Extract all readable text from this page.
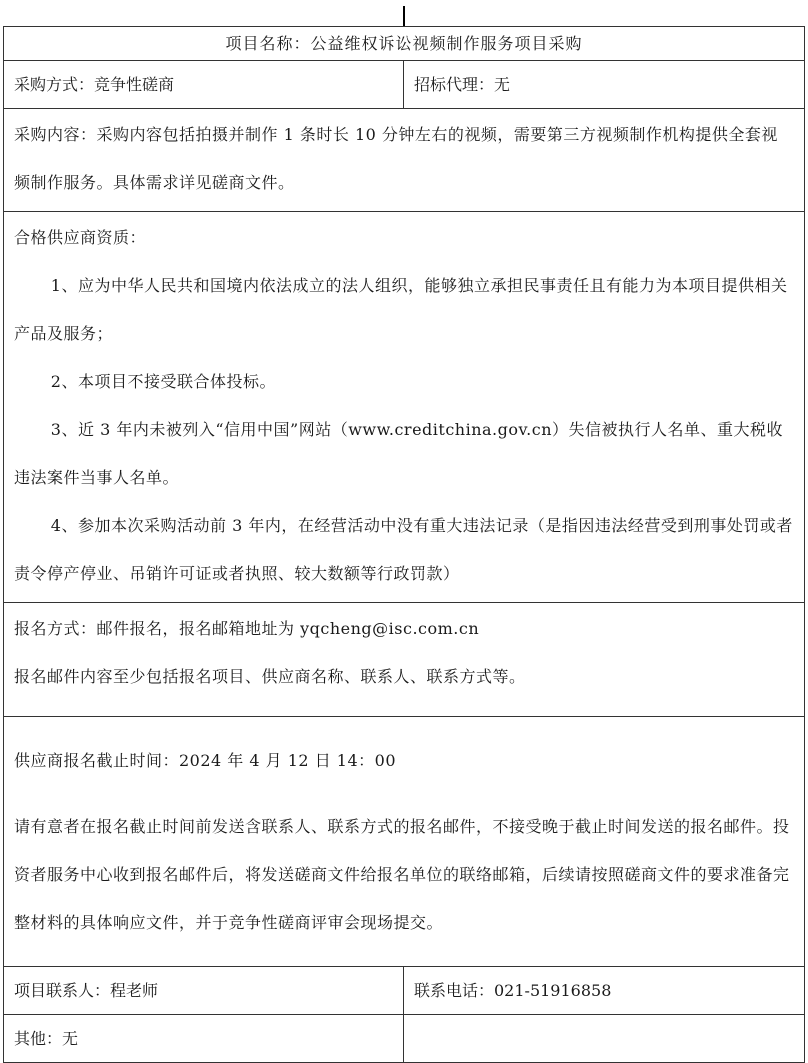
项目名称：公益维权诉讼视频制作服务项目采购	
采购方式：竞争性磋商	招标代理：无

采购内容：采购内容包括拍摄并制作 1 条时长 10 分钟左右的视频，需要第三方视频制作机构提供全套视频制作服务。具体需求详见磋商文件。	

合格供应商资质：

1、应为中华人民共和国境内依法成立的法人组织，能够独立承担民事责任且有能力为本项目提供相关产品及服务；

2、本项目不接受联合体投标。

3、近 3 年内未被列入“信用中国”网站（www.creditchina.gov.cn）失信被执行人名单、重大税收违法案件当事人名单。

4、参加本次采购活动前 3 年内，在经营活动中没有重大违法记录（是指因违法经营受到刑事处罚或者责令停产停业、吊销许可证或者执照、较大数额等行政罚款）	

报名方式：邮件报名，报名邮箱地址为 yqcheng@isc.com.cn

报名邮件内容至少包括报名项目、供应商名称、联系人、联系方式等。	

供应商报名截止时间：2024 年 4 月 12 日 14：00

请有意者在报名截止时间前发送含联系人、联系方式的报名邮件，不接受晚于截止时间发送的报名邮件。投资者服务中心收到报名邮件后，将发送磋商文件给报名单位的联络邮箱，后续请按照磋商文件的要求准备完整材料的具体响应文件，并于竞争性磋商评审会现场提交。	

项目联系人：程老师	联系电话：021-51916858
其他：无	
